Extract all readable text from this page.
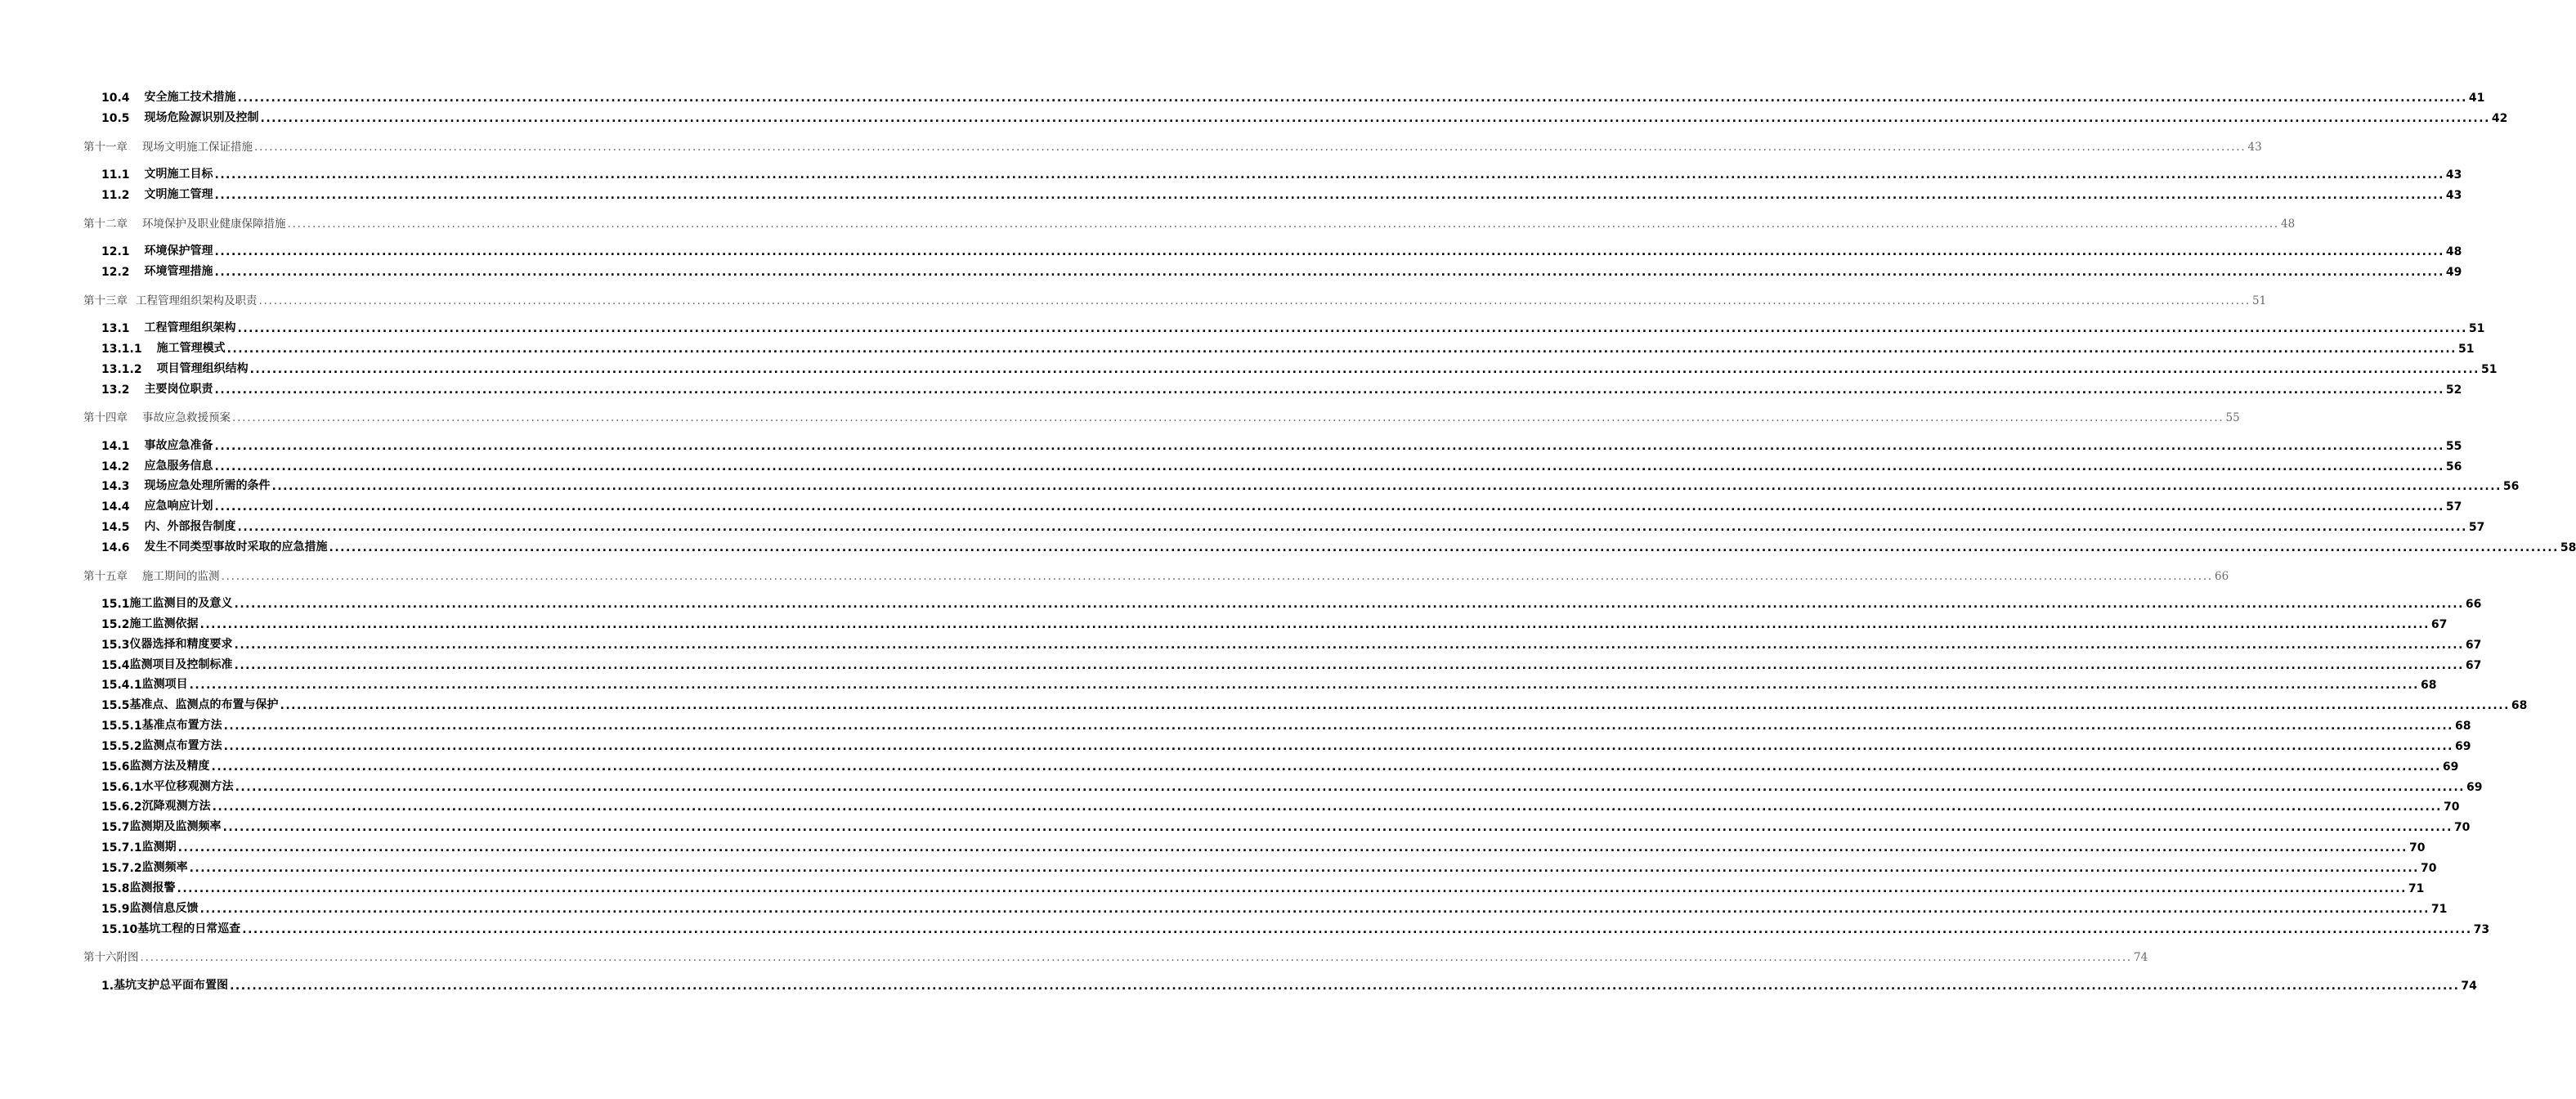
10.4 安全施工技术措施 ................................................................................................................................................................................................................................................................................................................................................................................................................ 41
10.5 现场危险源识别及控制 ................................................................................................................................................................................................................................................................................................................................................................................................................ 42
第十一章 现场文明施工保证措施 ................................................................................................................................................................................................................................................................................................................................................................................................................ 43
11.1 文明施工目标 ................................................................................................................................................................................................................................................................................................................................................................................................................ 43
11.2 文明施工管理 ................................................................................................................................................................................................................................................................................................................................................................................................................ 43
第十二章 环境保护及职业健康保障措施 ................................................................................................................................................................................................................................................................................................................................................................................................................ 48
12.1 环境保护管理 ................................................................................................................................................................................................................................................................................................................................................................................................................ 48
12.2 环境管理措施 ................................................................................................................................................................................................................................................................................................................................................................................................................ 49
第十三章 工程管理组织架构及职责 ................................................................................................................................................................................................................................................................................................................................................................................................................ 51
13.1 工程管理组织架构 ................................................................................................................................................................................................................................................................................................................................................................................................................ 51
13.1.1 施工管理模式 ................................................................................................................................................................................................................................................................................................................................................................................................................ 51
13.1.2 项目管理组织结构 ................................................................................................................................................................................................................................................................................................................................................................................................................ 51
13.2 主要岗位职责 ................................................................................................................................................................................................................................................................................................................................................................................................................ 52
第十四章 事故应急救援预案 ................................................................................................................................................................................................................................................................................................................................................................................................................ 55
14.1 事故应急准备 ................................................................................................................................................................................................................................................................................................................................................................................................................ 55
14.2 应急服务信息 ................................................................................................................................................................................................................................................................................................................................................................................................................ 56
14.3 现场应急处理所需的条件 ................................................................................................................................................................................................................................................................................................................................................................................................................ 56
14.4 应急响应计划 ................................................................................................................................................................................................................................................................................................................................................................................................................ 57
14.5 内、外部报告制度 ................................................................................................................................................................................................................................................................................................................................................................................................................ 57
14.6 发生不同类型事故时采取的应急措施 ................................................................................................................................................................................................................................................................................................................................................................................................................ 58
第十五章 施工期间的监测 ................................................................................................................................................................................................................................................................................................................................................................................................................ 66
15.1 施工监测目的及意义 ................................................................................................................................................................................................................................................................................................................................................................................................................ 66
15.2 施工监测依据 ................................................................................................................................................................................................................................................................................................................................................................................................................ 67
15.3 仪器选择和精度要求 ................................................................................................................................................................................................................................................................................................................................................................................................................ 67
15.4 监测项目及控制标准 ................................................................................................................................................................................................................................................................................................................................................................................................................ 67
15.4.1 监测项目 ................................................................................................................................................................................................................................................................................................................................................................................................................ 68
15.5 基准点、监测点的布置与保护 ................................................................................................................................................................................................................................................................................................................................................................................................................ 68
15.5.1 基准点布置方法 ................................................................................................................................................................................................................................................................................................................................................................................................................ 68
15.5.2 监测点布置方法 ................................................................................................................................................................................................................................................................................................................................................................................................................ 69
15.6 监测方法及精度 ................................................................................................................................................................................................................................................................................................................................................................................................................ 69
15.6.1 水平位移观测方法 ................................................................................................................................................................................................................................................................................................................................................................................................................ 69
15.6.2 沉降观测方法 ................................................................................................................................................................................................................................................................................................................................................................................................................ 70
15.7 监测期及监测频率 ................................................................................................................................................................................................................................................................................................................................................................................................................ 70
15.7.1 监测期 ................................................................................................................................................................................................................................................................................................................................................................................................................ 70
15.7.2 监测频率 ................................................................................................................................................................................................................................................................................................................................................................................................................ 70
15.8 监测报警 ................................................................................................................................................................................................................................................................................................................................................................................................................ 71
15.9 监测信息反馈 ................................................................................................................................................................................................................................................................................................................................................................................................................ 71
15.10 基坑工程的日常巡查 ................................................................................................................................................................................................................................................................................................................................................................................................................ 73
第十六附图 ................................................................................................................................................................................................................................................................................................................................................................................................................ 74
1. 基坑支护总平面布置图 ................................................................................................................................................................................................................................................................................................................................................................................................................ 74
